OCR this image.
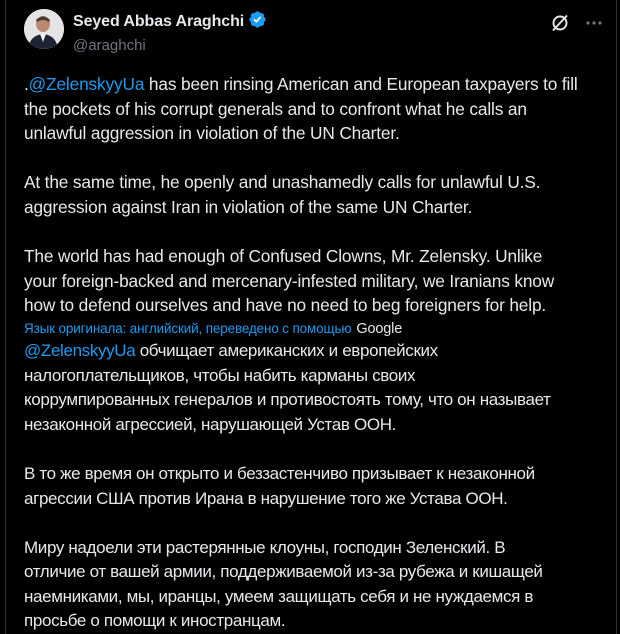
Seyed Abbas Araghchi
@araghchi

.@ZelenskyyUa has been rinsing American and European taxpayers to fill
the pockets of his corrupt generals and to confront what he calls an
unlawful aggression in violation of the UN Charter.

At the same time, he openly and unashamedly calls for unlawful U.S.
aggression against Iran in violation of the same UN Charter.

The world has had enough of Confused Clowns, Mr. Zelensky. Unlike
your foreign-backed and mercenary-infested military, we Iranians know
how to defend ourselves and have no need to beg foreigners for help.

Язык оригинала: английский, переведено с помощью Google

@ZelenskyyUa обчищает американских и европейских
налогоплательщиков, чтобы набить карманы своих
коррумпированных генералов и противостоять тому, что он называет
незаконной агрессией, нарушающей Устав ООН.

В то же время он открыто и беззастенчиво призывает к незаконной
агрессии США против Ирана в нарушение того же Устава ООН.

Миру надоели эти растерянные клоуны, господин Зеленский. В
отличие от вашей армии, поддерживаемой из-за рубежа и кишащей
наемниками, мы, иранцы, умеем защищать себя и не нуждаемся в
просьбе о помощи к иностранцам.
